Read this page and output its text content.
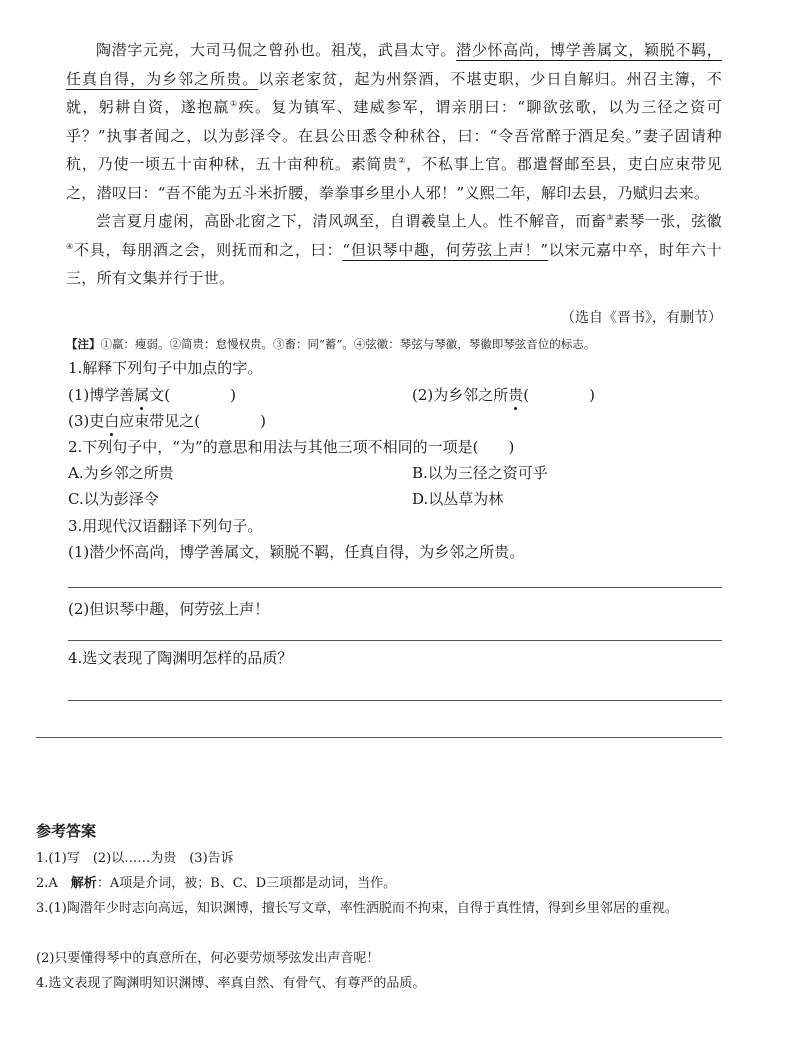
陶潜字元亮，大司马侃之曾孙也。祖茂，武昌太守。潜少怀高尚，博学善属文，颖脱不羁，任真自得，为乡邻之所贵。以亲老家贫，起为州祭酒，不堪吏职，少日自解归。州召主簿，不就，躬耕自资，遂抱羸①疾。复为镇军、建威参军，谓亲朋曰：“聊欲弦歌，以为三径之资可乎？”执事者闻之，以为彭泽令。在县公田悉令种秫谷，曰：“令吾常醉于酒足矣。”妻子固请种秔，乃使一顷五十亩种秫，五十亩种秔。素简贵②，不私事上官。郡遣督邮至县，吏白应束带见之，潜叹曰：“吾不能为五斗米折腰，拳拳事乡里小人邪！”义熙二年，解印去县，乃赋归去来。

尝言夏月虚闲，高卧北窗之下，清风飒至，自谓羲皇上人。性不解音，而畜③素琴一张，弦徽④不具，每朋酒之会，则抚而和之，曰：“但识琴中趣，何劳弦上声！”以宋元嘉中卒，时年六十三，所有文集并行于世。

（选自《晋书》，有删节）
【注】①羸：瘦弱。②简贵：怠慢权贵。③畜：同“蓄”。④弦徽：琴弦与琴徽，琴徽即琴弦音位的标志。
1.解释下列句子中加点的字。
(1)博学善属文(　　　　)	(2)为乡邻之所贵(　　　　)
(3)吏白应束带见之(　　　　)
2.下列句子中，“为”的意思和用法与其他三项不相同的一项是(　　)
A.为乡邻之所贵	B.以为三径之资可乎
C.以为彭泽令	D.以丛草为林
3.用现代汉语翻译下列句子。
(1)潜少怀高尚，博学善属文，颖脱不羁，任真自得，为乡邻之所贵。
(2)但识琴中趣，何劳弦上声！
4.选文表现了陶渊明怎样的品质？
参考答案
1.(1)写　(2)以……为贵　(3)告诉
2.A　解析：A项是介词，被；B、C、D三项都是动词，当作。
3.(1)陶潜年少时志向高远，知识渊博，擅长写文章，率性洒脱而不拘束，自得于真性情，得到乡里邻居的重视。
(2)只要懂得琴中的真意所在，何必要劳烦琴弦发出声音呢！
4.选文表现了陶渊明知识渊博、率真自然、有骨气、有尊严的品质。
